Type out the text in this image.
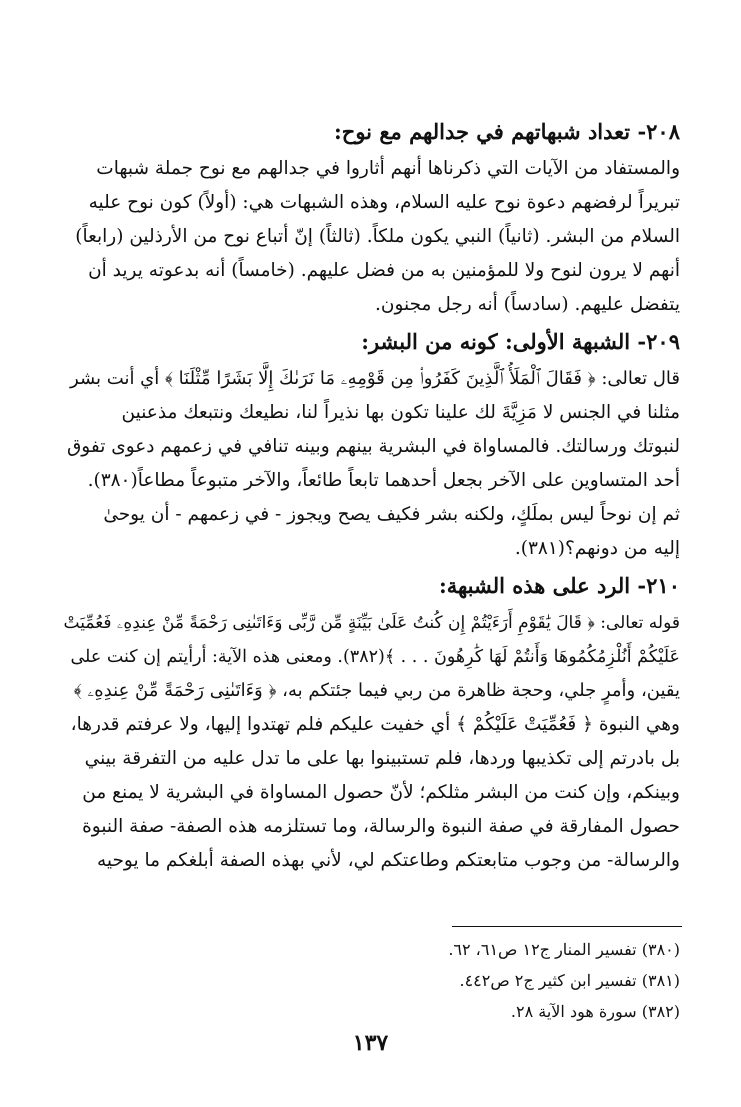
٢٠٨- تعداد شبهاتهم في جدالهم مع نوح:
والمستفاد من الآيات التي ذكرناها أنهم أثاروا في جدالهم مع نوح جملة شبهات
تبريراً لرفضهم دعوة نوح عليه السلام، وهذه الشبهات هي: (أولاً) كون نوح عليه
السلام من البشر. (ثانياً) النبي يكون ملكاً. (ثالثاً) إنّ أتباع نوح من الأرذلين (رابعاً)
أنهم لا يرون لنوح ولا للمؤمنين به من فضل عليهم. (خامساً) أنه بدعوته يريد أن
يتفضل عليهم. (سادساً) أنه رجل مجنون.
٢٠٩- الشبهة الأولى: كونه من البشر:
قال تعالى: ﴿ فَقَالَ ٱلْمَلَأُ ٱلَّذِينَ كَفَرُوا۟ مِن قَوْمِهِۦ مَا نَرَىٰكَ إِلَّا بَشَرًا مِّثْلَنَا ﴾ أي أنت بشر
مثلنا في الجنس لا مَزِيَّةَ لك علينا تكون بها نذيراً لنا، نطيعك ونتبعك مذعنين
لنبوتك ورسالتك. فالمساواة في البشرية بينهم وبينه تنافي في زعمهم دعوى تفوق
أحد المتساوين على الآخر بجعل أحدهما تابعاً طائعاً، والآخر متبوعاً مطاعاً(٣٨٠).
ثم إن نوحاً ليس بملَكٍ، ولكنه بشر فكيف يصح ويجوز - في زعمهم - أن يوحىٰ
إليه من دونهم؟(٣٨١).
٢١٠- الرد على هذه الشبهة:
قوله تعالى: ﴿ قَالَ يَٰقَوْمِ أَرَءَيْتُمْ إِن كُنتُ عَلَىٰ بَيِّنَةٍ مِّن رَّبِّى وَءَاتَىٰنِى رَحْمَةً مِّنْ عِندِهِۦ فَعُمِّيَتْ
عَلَيْكُمْ أَنُلْزِمُكُمُوهَا وَأَنتُمْ لَهَا كَٰرِهُونَ . . . ﴾(٣٨٢). ومعنى هذه الآية: أرأيتم إن كنت على
يقين، وأمرٍ جلي، وحجة ظاهرة من ربي فيما جئتكم به، ﴿ وَءَاتَىٰنِى رَحْمَةً مِّنْ عِندِهِۦ ﴾
وهي النبوة ﴿ فَعُمِّيَتْ عَلَيْكُمْ ﴾ أي خفيت عليكم فلم تهتدوا إليها، ولا عرفتم قدرها،
بل بادرتم إلى تكذيبها وردها، فلم تستبينوا بها على ما تدل عليه من التفرقة بيني
وبينكم، وإن كنت من البشر مثلكم؛ لأنّ حصول المساواة في البشرية لا يمنع من
حصول المفارقة في صفة النبوة والرسالة، وما تستلزمه هذه الصفة- صفة النبوة
والرسالة- من وجوب متابعتكم وطاعتكم لي، لأني بهذه الصفة أبلغكم ما يوحيه
(٣٨٠) تفسير المنار ج١٢ ص٦١، ٦٢.
(٣٨١) تفسير ابن كثير ج٢ ص٤٤٢.
(٣٨٢) سورة هود الآية ٢٨.
١٣٧
